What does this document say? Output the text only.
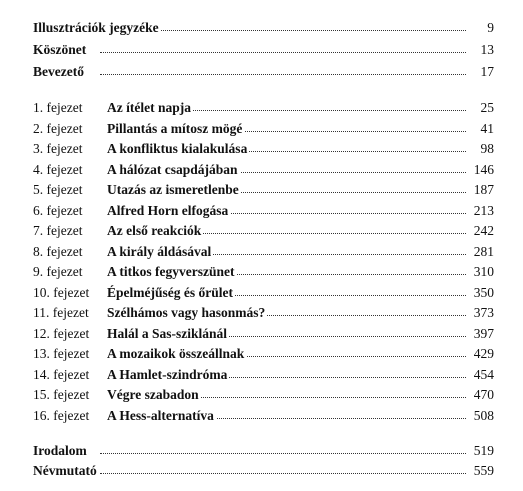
Illusztrációk jegyzéke	9
Köszönet	13
Bevezető	17
1. fejezet Az ítélet napja	25
2. fejezet Pillantás a mítosz mögé	41
3. fejezet A konfliktus kialakulása	98
4. fejezet A hálózat csapdájában	146
5. fejezet Utazás az ismeretlenbe	187
6. fejezet Alfred Horn elfogása	213
7. fejezet Az első reakciók	242
8. fejezet A király áldásával	281
9. fejezet A titkos fegyverszünet	310
10. fejezet Épelméjűség és őrület	350
11. fejezet Szélhámos vagy hasonmás?	373
12. fejezet Halál a Sas-sziklánál	397
13. fejezet A mozaikok összeállnak	429
14. fejezet A Hamlet-szindróma	454
15. fejezet Végre szabadon	470
16. fejezet A Hess-alternatíva	508
Irodalom	519
Névmutató	559
